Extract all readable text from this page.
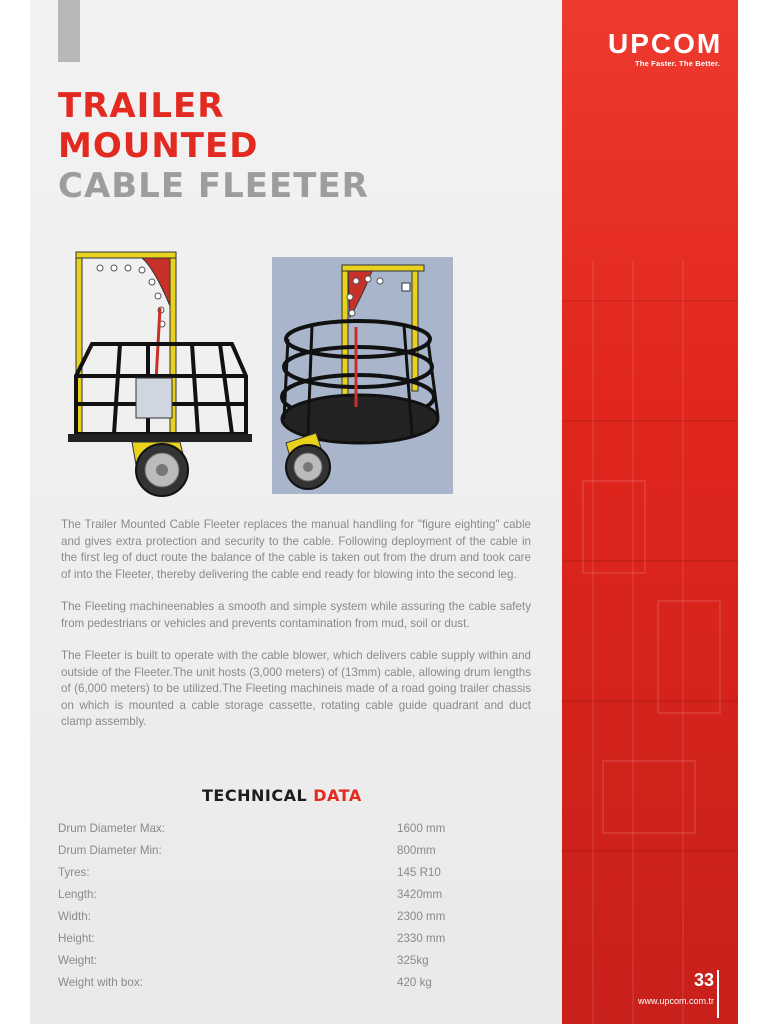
UPCOM
The Faster. The Better.
TRAILER
MOUNTED
CABLE FLEETER

The Trailer Mounted Cable Fleeter replaces the manual handling for "figure eighting" cable and gives extra protection and security to the cable. Following deployment of the cable in the first leg of duct route the balance of the cable is taken out from the drum and took care of into the Fleeter, thereby delivering the cable end ready for blowing into the second leg.

The Fleeting machineenables a smooth and simple system while assuring the cable safety from pedestrians or vehicles and prevents contamination from mud, soil or dust.

The Fleeter is built to operate with the cable blower, which delivers cable supply within and outside of the Fleeter.The unit hosts (3,000 meters) of (13mm) cable, allowing drum lengths of (6,000 meters) to be utilized.The Fleeting machineis made of a road going trailer chassis on which is mounted a cable storage cassette, rotating cable guide quadrant and duct clamp assembly.

TECHNICAL DATA
Drum Diameter Max:	1600 mm
Drum Diameter Min:	800mm
Tyres:	145 R10
Length:	3420mm
Width:	2300 mm
Height:	2330 mm
Weight:	325kg
Weight with box:	420 kg	33
www.upcom.com.tr
